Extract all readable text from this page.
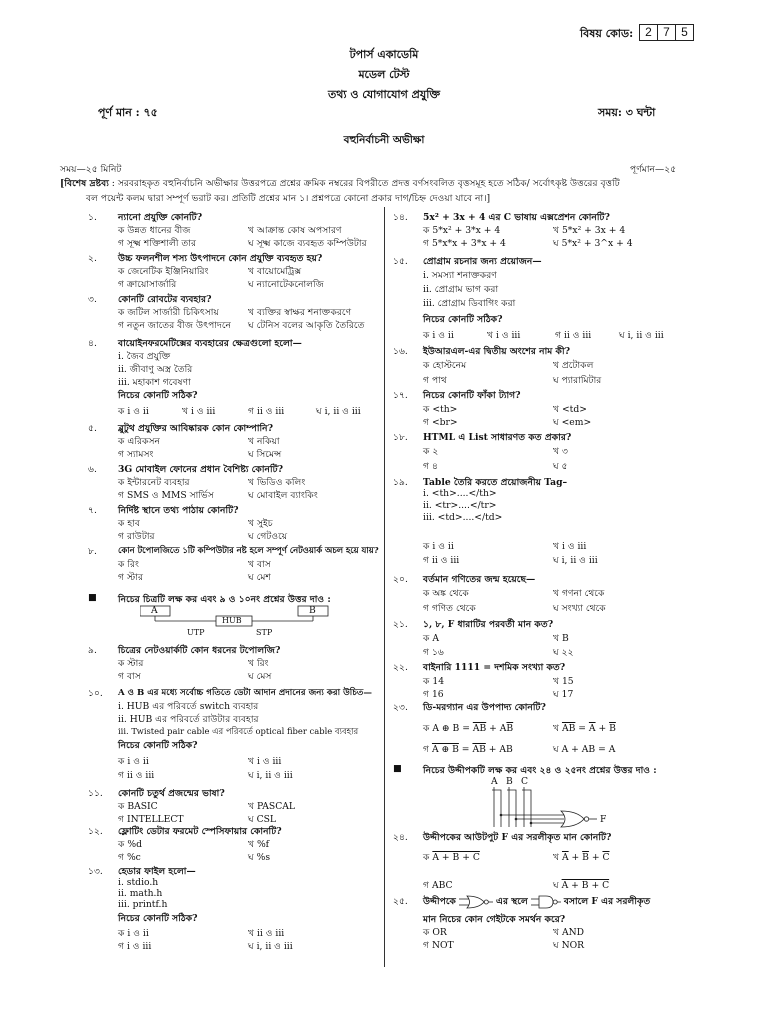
বিষয় কোড:	2 7 5
টপার্স একাডেমি
মডেল টেস্ট
তথ্য ও যোগাযোগ প্রযুক্তি
পূর্ণ মান : ৭৫	সময়: ৩ ঘন্টা
বহুনির্বাচনী অভীক্ষা
সময়—২৫ মিনিট	পূর্ণমান—২৫
[বিশেষ দ্রষ্টব্য : সরবরাহকৃত বহুনির্বাচনি অভীক্ষার উত্তরপত্রে প্রশ্নের ক্রমিক নম্বরের বিপরীতে প্রদত্ত বর্ণসংবলিত বৃত্তসমূহ হতে সঠিক/ সর্বোৎকৃষ্ট উত্তরের বৃত্তটি
বল পয়েন্ট কলম দ্বারা সম্পূর্ণ ভরাট কর। প্রতিটি প্রশ্নের মান ১। প্রশ্নপত্রে কোনো প্রকার দাগ/চিহ্ন দেওয়া যাবে না।]
১.	ন্যানো প্রযুক্তি কোনটি?
ক উন্নত ধানের বীজ	খ আক্রান্ত কোষ অপসারণ
গ সূক্ষ্ম শক্তিশালী তার	ঘ সূক্ষ্ম কাজে ব্যবহৃত কম্পিউটার
২.	উচ্চ ফলনশীল শস্য উৎপাদনে কোন প্রযুক্তি ব্যবহৃত হয়?
ক জেনেটিক ইঞ্জিনিয়ারিং	খ বায়োমেট্রিক্স
গ ক্রায়োসার্জারি	ঘ ন্যানোটেকনোলজি
৩.	কোনটি রোবটের ব্যবহার?
ক জটিল সার্জারী চিকিৎসায়	খ ব্যক্তির স্বাক্ষর শনাক্তকরণে
গ নতুন জাতের বীজ উৎপাদনে ঘ টেনিস বলের আকৃতি তৈরিতে
৪.	বায়োইনফরমেটিক্সের ব্যবহারের ক্ষেত্রগুলো হলো—
i. জৈব প্রযুক্তি
ii. জীবাণু অস্ত্র তৈরি
iii. মহাকাশ গবেষণা
নিচের কোনটি সঠিক?
ক i ও ii	খ i ও iii	গ ii ও iii	ঘ i, ii ও iii
৫.	ব্লুটুথ প্রযুক্তির আবিষ্কারক কোন কোম্পানি?
ক এরিকসন	খ নকিয়া
গ স্যামসং	ঘ সিমেন্স
৬.	3G মোবাইল ফোনের প্রধান বৈশিষ্ট্য কোনটি?
ক ইন্টারনেট ব্যবহার	খ ভিডিও কলিং
গ SMS ও MMS সার্ভিস	ঘ মোবাইল ব্যাংকিং
৭.	নির্দিষ্ট স্থানে তথ্য পাঠায় কোনটি?
ক হাব	খ সুইচ
গ রাউটার	ঘ গেটওয়ে
৮.	কোন টপোলজিতে ১টি কম্পিউটার নষ্ট হলে সম্পূর্ণ নেটওয়ার্ক অচল হয়ে যায়?
ক রিং	খ বাস
গ স্টার	ঘ মেশ
■	নিচের চিত্রটি লক্ষ কর এবং ৯ ও ১০নং প্রশ্নের উত্তর দাও :
A	B
HUB
UTP	STP
৯.	চিত্রের নেটওয়ার্কটি কোন ধরনের টপোলজি?
ক স্টার	খ রিং
গ বাস	ঘ মেস
১০.	A ও B এর মধ্যে সর্বোচ্চ গতিতে ডেটা আদান প্রদানের জন্য করা উচিত—
i. HUB এর পরিবর্তে switch ব্যবহার
ii. HUB এর পরিবর্তে রাউটার ব্যবহার
iii. Twisted pair cable এর পরিবর্তে optical fiber cable ব্যবহার
নিচের কোনটি সঠিক?
ক i ও ii	খ i ও iii
গ ii ও iii	ঘ i, ii ও iii
১১.	কোনটি চতুর্থ প্রজন্মের ভাষা?
ক BASIC	খ PASCAL
গ INTELLECT	ঘ CSL
১২.	ফ্লোটিং ডেটার ফরমেট স্পেসিফায়ার কোনটি?
ক %d	খ %f
গ %c	ঘ %s
১৩.	হেডার ফাইল হলো—
i. stdio.h
ii. math.h
iii. printf.h
নিচের কোনটি সঠিক?
ক i ও ii	খ ii ও iii
গ i ও iii	ঘ i, ii ও iii
১৪.	5x² + 3x + 4 এর C ভাষায় এক্সপ্রেশন কোনটি?
ক 5*x² + 3*x + 4	খ 5*x² + 3x + 4
গ 5*x*x + 3*x + 4	ঘ 5*x² + 3^x + 4
১৫.	প্রোগ্রাম রচনার জন্য প্রয়োজন—
i. সমস্যা শনাক্তকরণ
ii. প্রোগ্রাম ভাগ করা
iii. প্রোগ্রাম ডিবাগিং করা
নিচের কোনটি সঠিক?
ক i ও ii	খ i ও iii	গ ii ও iii	ঘ i, ii ও iii
১৬.	ইউআরএল-এর দ্বিতীয় অংশের নাম কী?
ক হোস্টনেম	খ প্রটোকল
গ পাথ	ঘ প্যারামিটার
১৭.	নিচের কোনটি ফাঁকা ট্যাগ?
ক <th>	খ <td>
গ <br>	ঘ <em>
১৮.	HTML এ List সাধারণত কত প্রকার?
ক ২	খ ৩
গ ৪	ঘ ৫
১৯.	Table তৈরি করতে প্রয়োজনীয় Tag–
i. <th>....</th>
ii. <tr>....</tr>
iii. <td>....</td>
ক i ও ii	খ i ও iii
গ ii ও iii	ঘ i, ii ও iii
২০.	বর্তমান গণিতের জন্ম হয়েছে—
ক অঙ্ক থেকে	খ গণনা থেকে
গ গণিত থেকে	ঘ সংখ্যা থেকে
২১.	১, ৮, F ধারাটির পরবর্তী মান কত?
ক A	খ B
গ ১৬	ঘ ২২
২২.	বাইনারি 1111 = দশমিক সংখ্যা কত?
ক 14	খ 15
গ 16	ঘ 17
২৩.	ডি-মরগ্যান এর উপপাদ্য কোনটি?
ক A ⊕ $B = \overline{AB} + A\overline{B}$	খ $\overline{AB} = \overline{A} + \overline{B}$
গ A ⊕ $B = \overline{AB}$ + AB	ঘ A + AB = A
■	নিচের উদ্দীপকটি লক্ষ কর এবং ২৪ ও ২৫নং প্রশ্নের উত্তর দাও :
A B C
F
২৪.	উদ্দীপকের আউটপুট F এর সরলীকৃত মান কোনটি?
ক A + B + C	খ $\overline{A} + \overline{B} + \overline{C}$
গ ABC	ঘ A + B + C
২৫.	উদ্দীপকে	এর স্থলে	বসালে F এর সরলীকৃত
মান নিচের কোন গেইটকে সমর্থন করে?
ক OR	খ AND
গ NOT	ঘ NOR
